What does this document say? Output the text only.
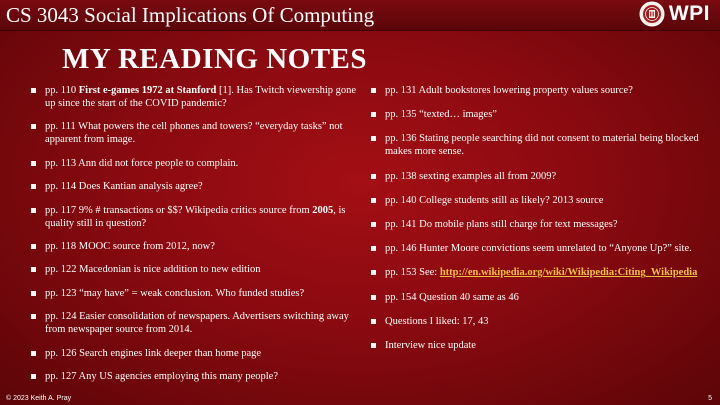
CS 3043 Social Implications Of Computing	WPI
MY READING NOTES
pp. 110 First e-games 1972 at Stanford [1]. Has Twitch viewership gone up since the start of the COVID pandemic?
pp. 111 What powers the cell phones and towers? “everyday tasks” not apparent from image.
pp. 113 Ann did not force people to complain.
pp. 114 Does Kantian analysis agree?
pp. 117 9% # transactions or $$? Wikipedia critics source from 2005, is quality still in question?
pp. 118 MOOC source from 2012, now?
pp. 122 Macedonian is nice addition to new edition
pp. 123 “may have” = weak conclusion. Who funded studies?
pp. 124 Easier consolidation of newspapers. Advertisers switching away from newspaper source from 2014.
pp. 126 Search engines link deeper than home page
pp. 127 Any US agencies employing this many people?
pp. 131 Adult bookstores lowering property values source?
pp. 135 “texted… images”
pp. 136 Stating people searching did not consent to material being blocked makes more sense.
pp. 138 sexting examples all from 2009?
pp. 140 College students still as likely? 2013 source
pp. 141 Do mobile plans still charge for text messages?
pp. 146 Hunter Moore convictions seem unrelated to “Anyone Up?” site.
pp. 153 See: http://en.wikipedia.org/wiki/Wikipedia:Citing_Wikipedia
pp. 154 Question 40 same as 46
Questions I liked: 17, 43
Interview nice update
© 2023 Keith A. Pray	5
